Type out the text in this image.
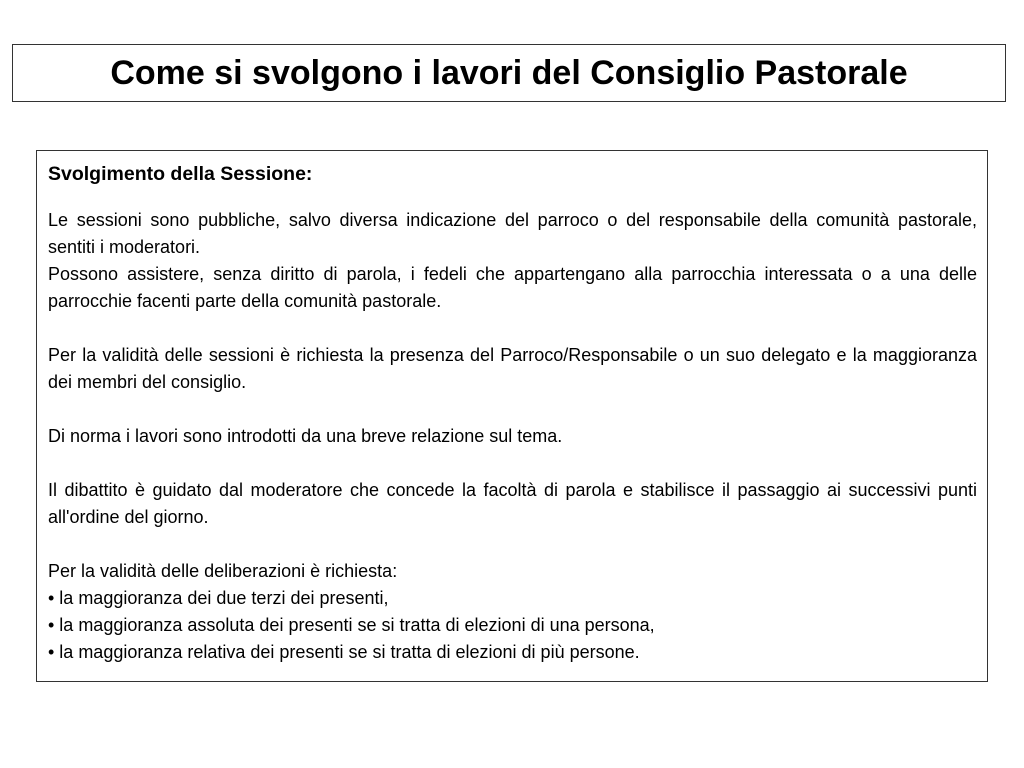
Come si svolgono i lavori del Consiglio Pastorale
Svolgimento della Sessione:

Le sessioni sono pubbliche, salvo diversa indicazione del parroco o del responsabile della comunità pastorale, sentiti i moderatori.

Possono assistere, senza diritto di parola, i fedeli che appartengano alla parrocchia interessata o a una delle parrocchie facenti parte della comunità pastorale.

Per la validità delle sessioni è richiesta la presenza del Parroco/Responsabile o un suo delegato e la maggioranza dei membri del consiglio.

Di norma i lavori sono introdotti da una breve relazione sul tema.

Il dibattito è guidato dal moderatore che concede la facoltà di parola e stabilisce il passaggio ai successivi punti all'ordine del giorno.

Per la validità delle deliberazioni è richiesta:

• la maggioranza dei due terzi dei presenti,
• la maggioranza assoluta dei presenti se si tratta di elezioni di una persona,
• la maggioranza relativa dei presenti se si tratta di elezioni di più persone.
